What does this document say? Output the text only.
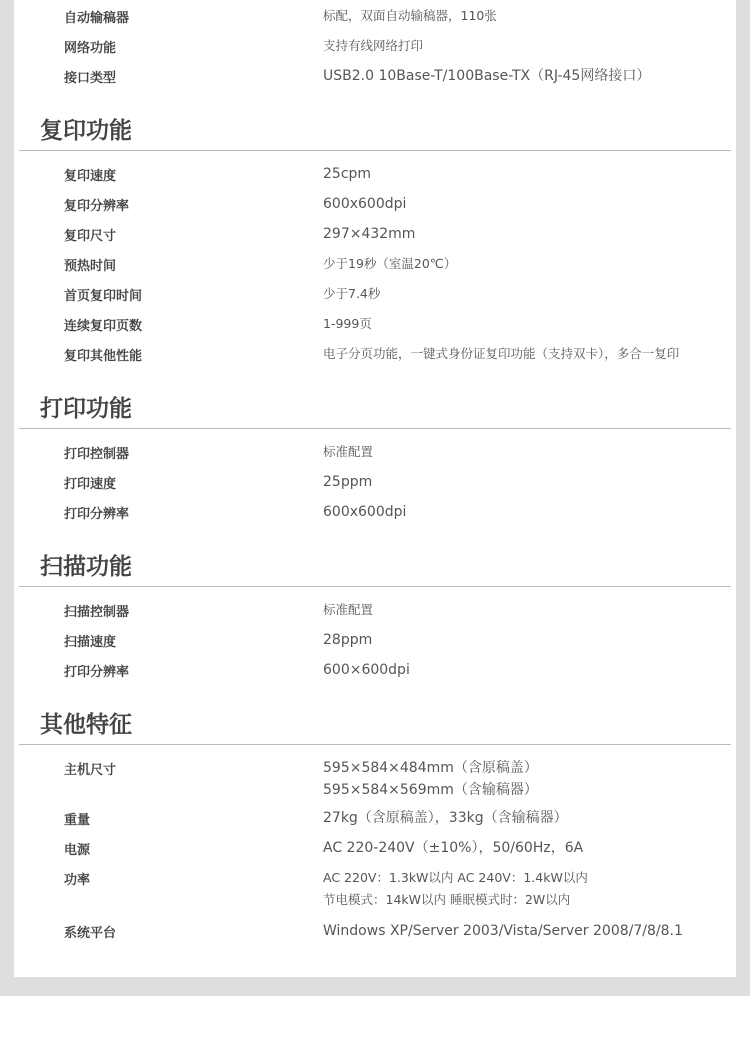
自动输稿器	标配，双面自动输稿器，110张
网络功能	支持有线网络打印
接口类型	USB2.0 10Base-T/100Base-TX（RJ-45网络接口）
复印功能
复印速度	25cpm
复印分辨率	600x600dpi
复印尺寸	297×432mm
预热时间	少于19秒（室温20℃）
首页复印时间	少于7.4秒
连续复印页数	1-999页
复印其他性能	电子分页功能，一键式身份证复印功能（支持双卡），多合一复印
打印功能
打印控制器	标准配置
打印速度	25ppm
打印分辨率	600x600dpi
扫描功能
扫描控制器	标准配置
扫描速度	28ppm
打印分辨率	600×600dpi
其他特征
主机尺寸	595×584×484mm（含原稿盖）
595×584×569mm（含输稿器）
重量	27kg（含原稿盖），33kg（含输稿器）
电源	AC 220-240V（±10%），50/60Hz，6A
功率	AC 220V：1.3kW以内 AC 240V：1.4kW以内
节电模式：14kW以内 睡眠模式时：2W以内
系统平台	Windows XP/Server 2003/Vista/Server 2008/7/8/8.1
